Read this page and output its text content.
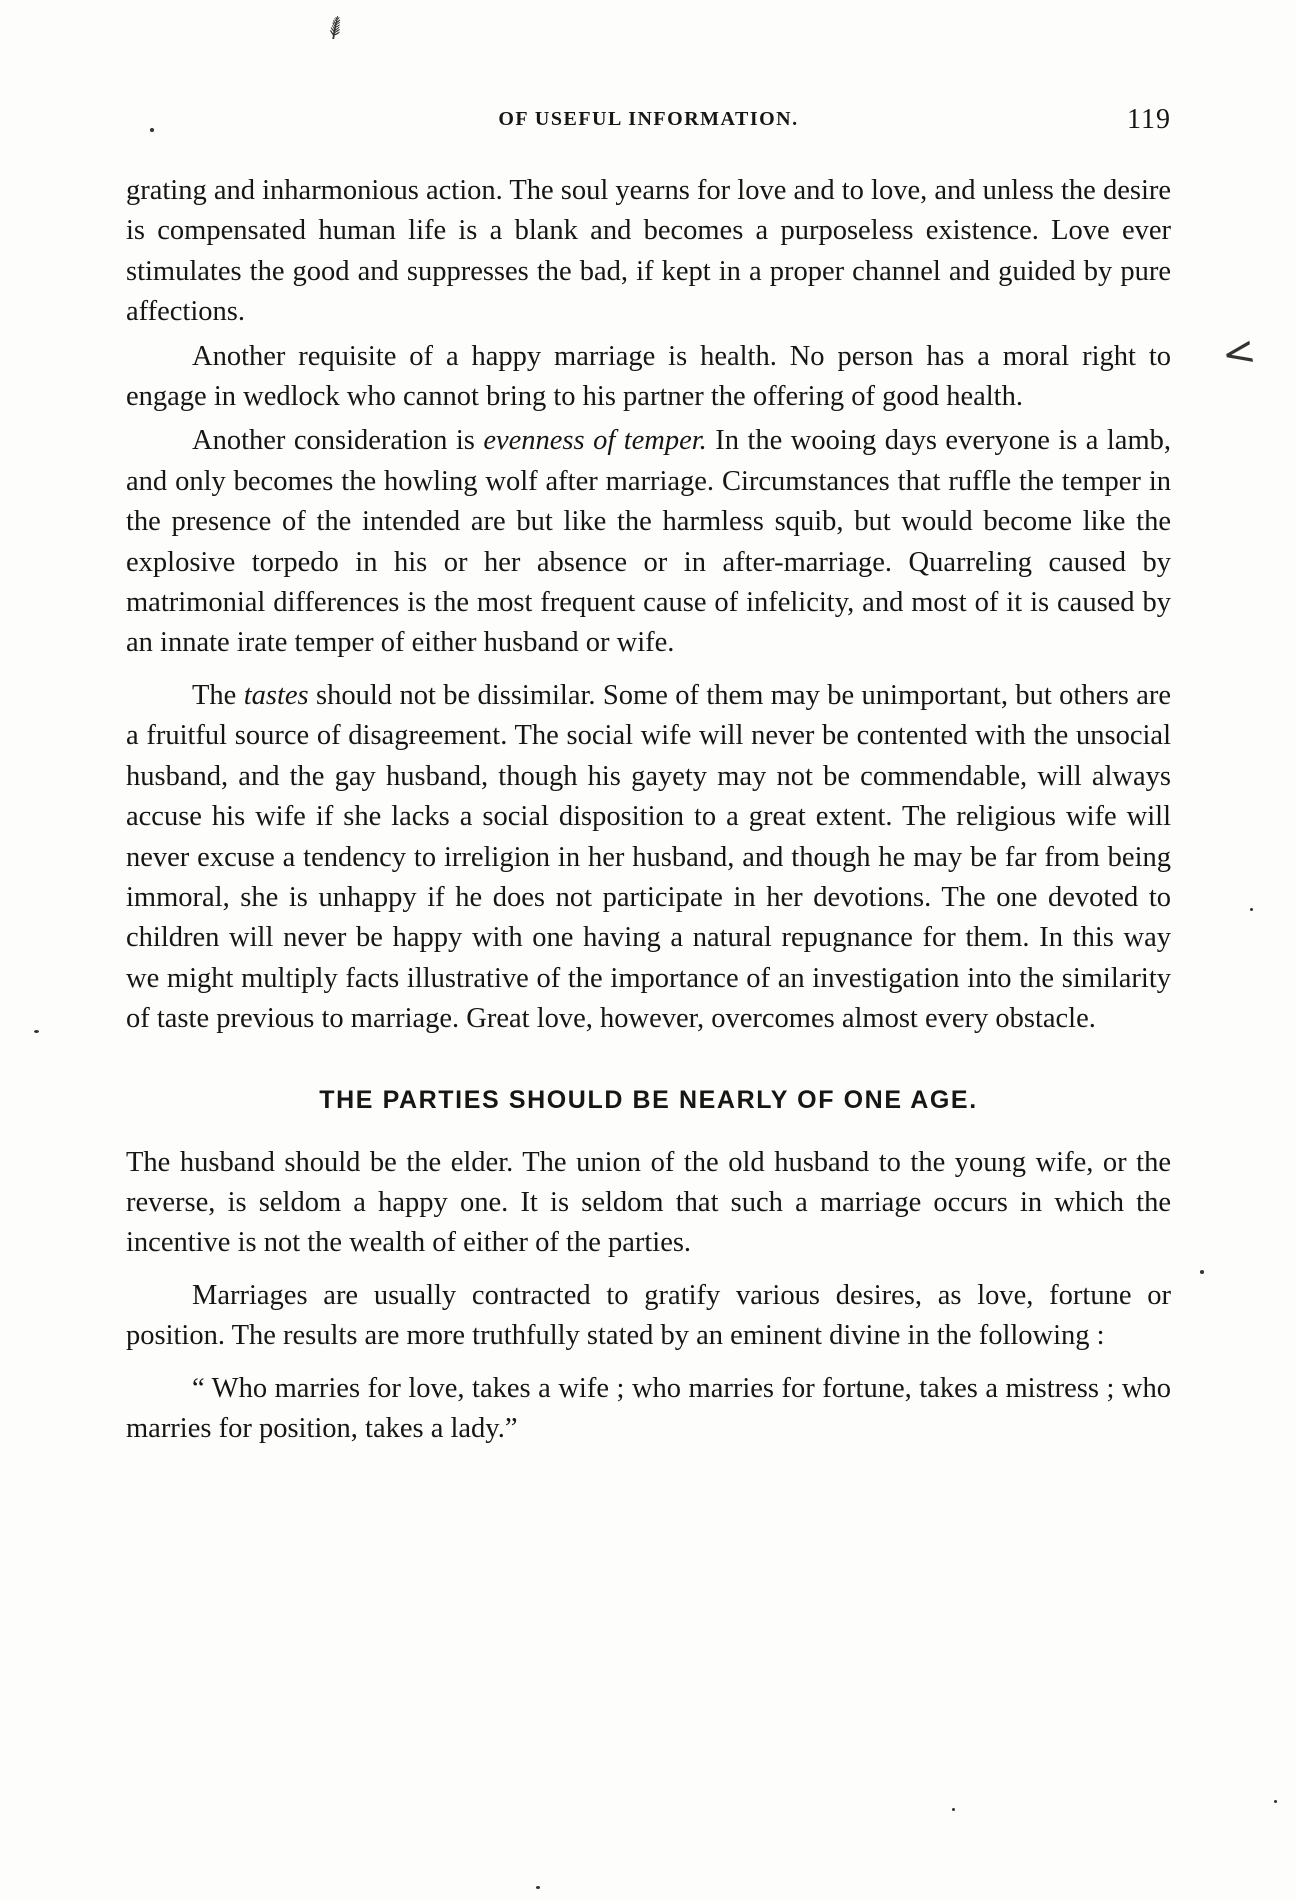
OF USEFUL INFORMATION.	119

grating and inharmonious action. The soul yearns for love and to love, and unless the desire is compensated human life is a blank and becomes a purposeless existence. Love ever stimulates the good and suppresses the bad, if kept in a proper channel and guided by pure affections.

Another requisite of a happy marriage is health. No person has a moral right to engage in wedlock who cannot bring to his partner the offering of good health.

Another consideration is evenness of temper. In the wooing days everyone is a lamb, and only becomes the howling wolf after marriage. Circumstances that ruffle the temper in the presence of the intended are but like the harmless squib, but would become like the explosive torpedo in his or her absence or in after-marriage. Quarreling caused by matrimonial differences is the most frequent cause of infelicity, and most of it is caused by an innate irate temper of either husband or wife.

The tastes should not be dissimilar. Some of them may be unimportant, but others are a fruitful source of disagreement. The social wife will never be contented with the unsocial husband, and the gay husband, though his gayety may not be commendable, will always accuse his wife if she lacks a social disposition to a great extent. The religious wife will never excuse a tendency to irreligion in her husband, and though he may be far from being immoral, she is unhappy if he does not participate in her devotions. The one devoted to children will never be happy with one having a natural repugnance for them. In this way we might multiply facts illustrative of the importance of an investigation into the similarity of taste previous to marriage. Great love, however, overcomes almost every obstacle.

THE PARTIES SHOULD BE NEARLY OF ONE AGE.

The husband should be the elder. The union of the old husband to the young wife, or the reverse, is seldom a happy one. It is seldom that such a marriage occurs in which the incentive is not the wealth of either of the parties.

Marriages are usually contracted to gratify various desires, as love, fortune or position. The results are more truthfully stated by an eminent divine in the following :

“ Who marries for love, takes a wife ; who marries for fortune, takes a mistress ; who marries for position, takes a lady.”

⸙
<
